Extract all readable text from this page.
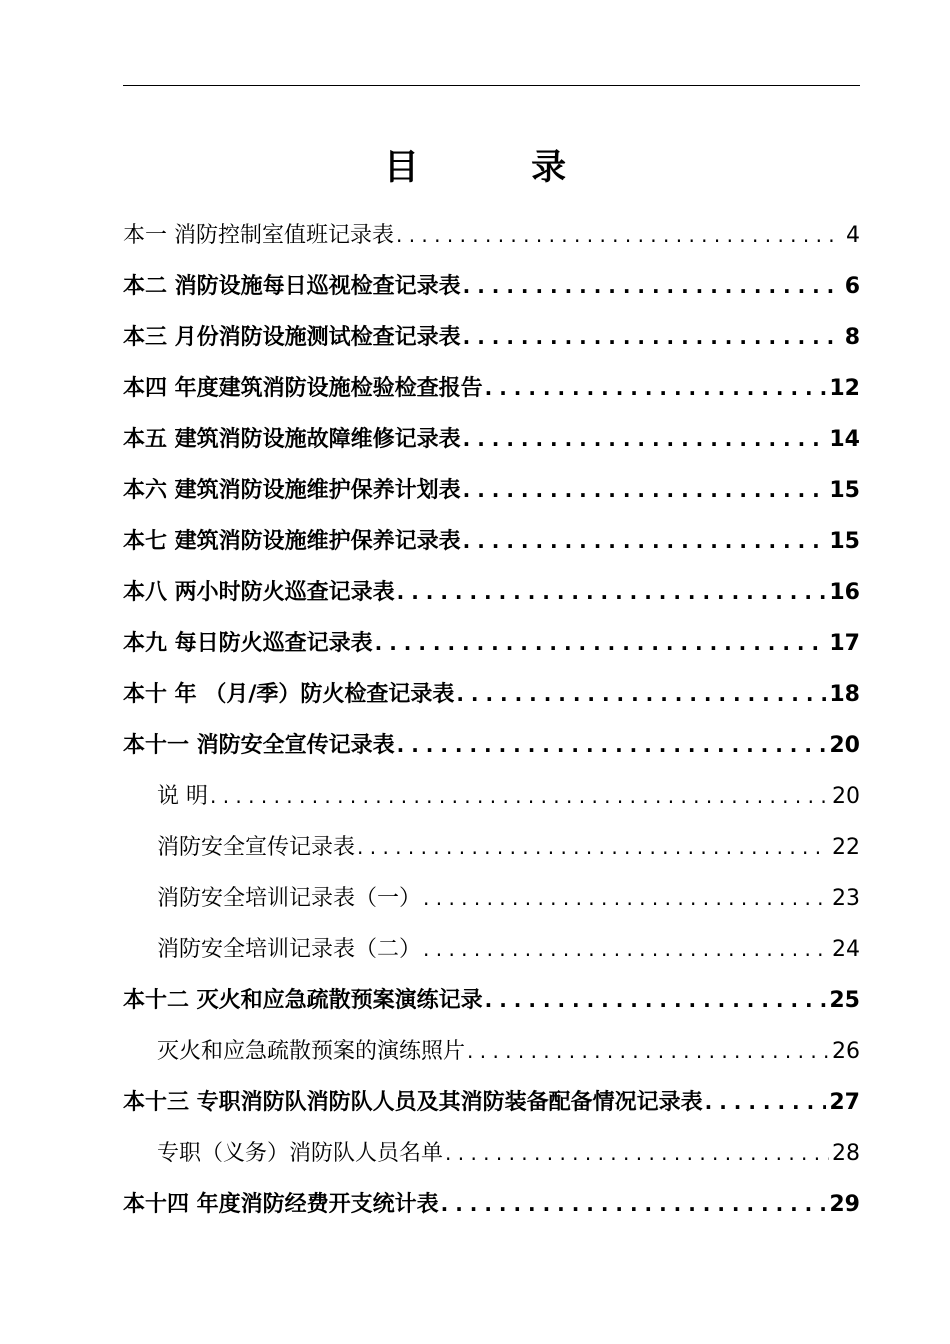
目 录
本一 消防控制室值班记录表 . . .	4
本二 消防设施每日巡视检查记录表 . . .	6
本三 月份消防设施测试检查记录表 . . .	8
本四 年度建筑消防设施检验检查报告 . . .	12
本五 建筑消防设施故障维修记录表 . . .	14
本六 建筑消防设施维护保养计划表 . . .	15
本七 建筑消防设施维护保养记录表 . . .	15
本八 两小时防火巡查记录表 . . .	16
本九 每日防火巡查记录表 . . .	17
本十 年 （月/季）防火检查记录表 . . .	18
本十一 消防安全宣传记录表 . . .	20
说 明 . . .	20
消防安全宣传记录表 . . .	22
消防安全培训记录表（一） . . .	23
消防安全培训记录表（二） . . .	24
本十二 灭火和应急疏散预案演练记录 . . .	25
灭火和应急疏散预案的演练照片 . . .	26
本十三 专职消防队消防队人员及其消防装备配备情况记录表 . . .	27
专职（义务）消防队人员名单 . . .	28
本十四 年度消防经费开支统计表 . . .	29
